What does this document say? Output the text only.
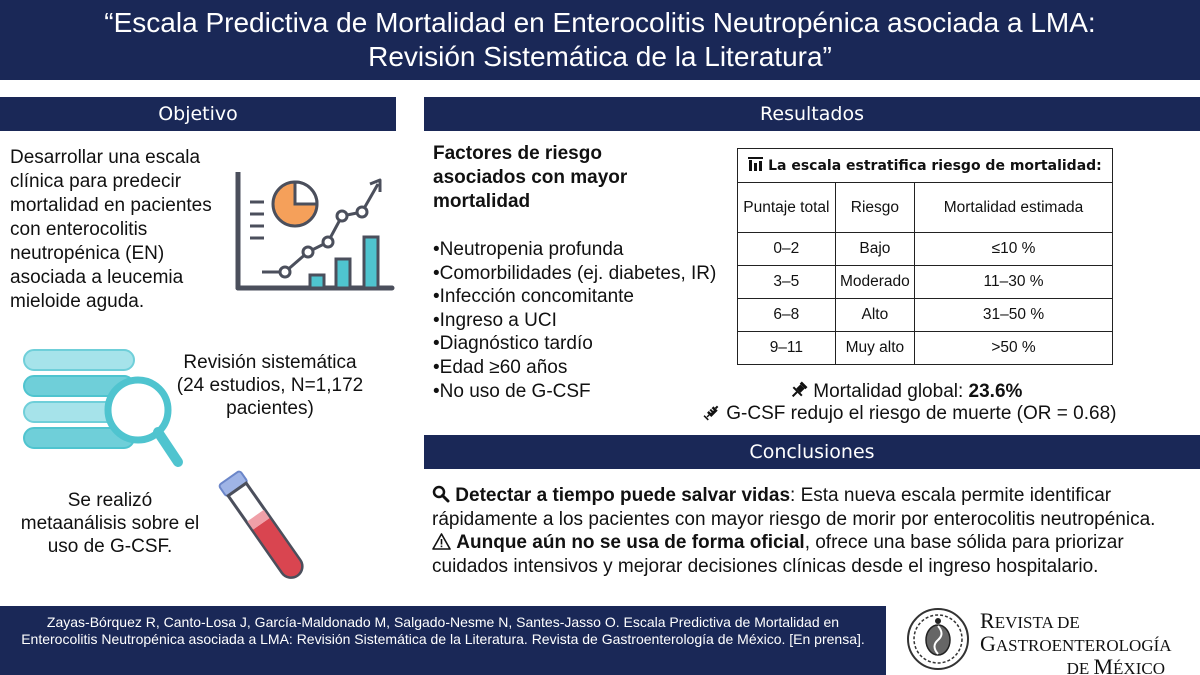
“Escala Predictiva de Mortalidad en Enterocolitis Neutropénica asociada a LMA:
Revisión Sistemática de la Literatura”
Objetivo	Resultados
Conclusiones
Desarrollar una escala clínica para predecir mortalidad en pacientes con enterocolitis neutropénica (EN) asociada a leucemia mieloide aguda.
Revisión sistemática (24 estudios, N=1,172 pacientes)
Se realizó metaanálisis sobre el uso de G-CSF.
Factores de riesgo asociados con mayor mortalidad
•Neutropenia profunda
•Comorbilidades (ej. diabetes, IR)
•Infección concomitante
•Ingreso a UCI
•Diagnóstico tardío
•Edad ≥60 años
•No uso de G-CSF
La escala estratifica riesgo de mortalidad:		
Puntaje total	Riesgo	Mortalidad estimada
0–2	Bajo	≤10 %
3–5	Moderado	11–30 %
6–8	Alto	31–50 %
9–11	Muy alto	>50 %
Mortalidad global: 23.6%
G-CSF redujo el riesgo de muerte (OR = 0.68)
Detectar a tiempo puede salvar vidas: Esta nueva escala permite identificar rápidamente a los pacientes con mayor riesgo de morir por enterocolitis neutropénica.
Aunque aún no se usa de forma oficial, ofrece una base sólida para priorizar cuidados intensivos y mejorar decisiones clínicas desde el ingreso hospitalario.
Zayas-Bórquez R, Canto-Losa J, García-Maldonado M, Salgado-Nesme N, Santes-Jasso O. Escala Predictiva de Mortalidad en Enterocolitis Neutropénica asociada a LMA: Revisión Sistemática de la Literatura. Revista de Gastroenterología de México. [En prensa].
REVISTA DE
GASTROENTEROLOGÍA
DE MÉXICO
